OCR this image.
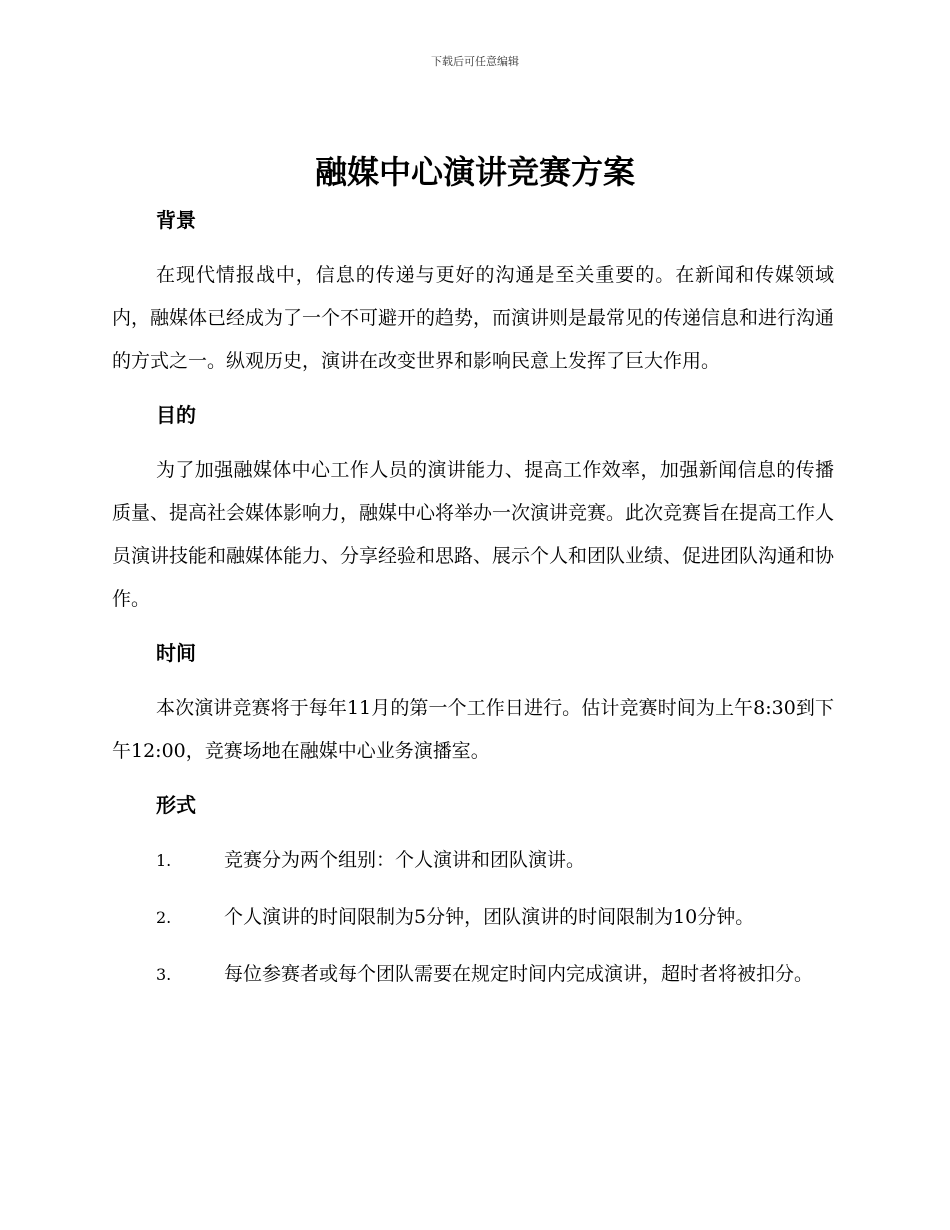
下载后可任意编辑
融媒中心演讲竞赛方案
背景

在现代情报战中，信息的传递与更好的沟通是至关重要的。在新闻和传媒领域内，融媒体已经成为了一个不可避开的趋势，而演讲则是最常见的传递信息和进行沟通的方式之一。纵观历史，演讲在改变世界和影响民意上发挥了巨大作用。

目的

为了加强融媒体中心工作人员的演讲能力、提高工作效率，加强新闻信息的传播质量、提高社会媒体影响力，融媒中心将举办一次演讲竞赛。此次竞赛旨在提高工作人员演讲技能和融媒体能力、分享经验和思路、展示个人和团队业绩、促进团队沟通和协作。

时间

本次演讲竞赛将于每年11月的第一个工作日进行。估计竞赛时间为上午8:30到下午12:00，竞赛场地在融媒中心业务演播室。

形式

1.	竞赛分为两个组别：个人演讲和团队演讲。

2.	个人演讲的时间限制为5分钟，团队演讲的时间限制为10分钟。

3.	每位参赛者或每个团队需要在规定时间内完成演讲，超时者将被扣分。
